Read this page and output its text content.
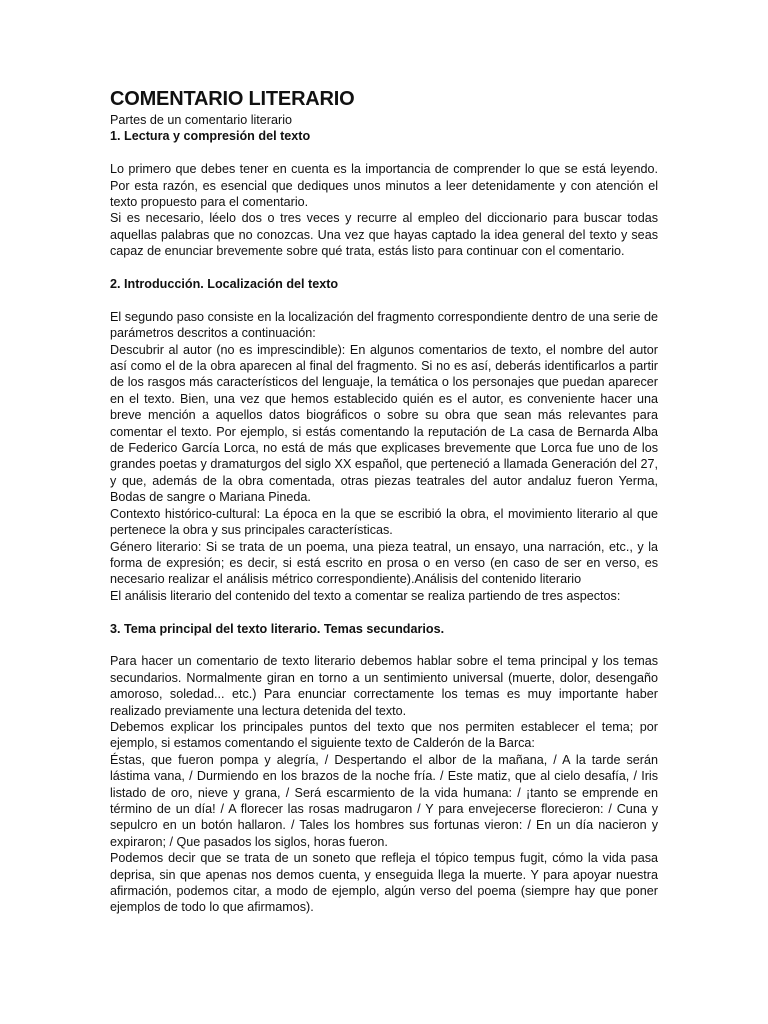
COMENTARIO LITERARIO

Partes de un comentario literario

1. Lectura y compresión del texto

Lo primero que debes tener en cuenta es la importancia de comprender lo que se está leyendo. Por esta razón, es esencial que dediques unos minutos a leer detenidamente y con atención el texto propuesto para el comentario.

Si es necesario, léelo dos o tres veces y recurre al empleo del diccionario para buscar todas aquellas palabras que no conozcas. Una vez que hayas captado la idea general del texto y seas capaz de enunciar brevemente sobre qué trata, estás listo para continuar con el comentario.

2. Introducción. Localización del texto

El segundo paso consiste en la localización del fragmento correspondiente dentro de una serie de parámetros descritos a continuación:

Descubrir al autor (no es imprescindible): En algunos comentarios de texto, el nombre del autor así como el de la obra aparecen al final del fragmento. Si no es así, deberás identificarlos a partir de los rasgos más característicos del lenguaje, la temática o los personajes que puedan aparecer en el texto. Bien, una vez que hemos establecido quién es el autor, es conveniente hacer una breve mención a aquellos datos biográficos o sobre su obra que sean más relevantes para comentar el texto. Por ejemplo, si estás comentando la reputación de La casa de Bernarda Alba de Federico García Lorca, no está de más que explicases brevemente que Lorca fue uno de los grandes poetas y dramaturgos del siglo XX español, que perteneció a llamada Generación del 27, y que, además de la obra comentada, otras piezas teatrales del autor andaluz fueron Yerma, Bodas de sangre o Mariana Pineda.

Contexto histórico-cultural: La época en la que se escribió la obra, el movimiento literario al que pertenece la obra y sus principales características.

Género literario: Si se trata de un poema, una pieza teatral, un ensayo, una narración, etc., y la forma de expresión; es decir, si está escrito en prosa o en verso (en caso de ser en verso, es necesario realizar el análisis métrico correspondiente).Análisis del contenido literario

El análisis literario del contenido del texto a comentar se realiza partiendo de tres aspectos:

3. Tema principal del texto literario. Temas secundarios.

Para hacer un comentario de texto literario debemos hablar sobre el tema principal y los temas secundarios. Normalmente giran en torno a un sentimiento universal (muerte, dolor, desengaño amoroso, soledad... etc.) Para enunciar correctamente los temas es muy importante haber realizado previamente una lectura detenida del texto.

Debemos explicar los principales puntos del texto que nos permiten establecer el tema; por ejemplo, si estamos comentando el siguiente texto de Calderón de la Barca:

Éstas, que fueron pompa y alegría, / Despertando el albor de la mañana, / A la tarde serán lástima vana, / Durmiendo en los brazos de la noche fría. / Este matiz, que al cielo desafía, / Iris listado de oro, nieve y grana, / Será escarmiento de la vida humana: / ¡tanto se emprende en término de un día! / A florecer las rosas madrugaron / Y para envejecerse florecieron: / Cuna y sepulcro en un botón hallaron. / Tales los hombres sus fortunas vieron: / En un día nacieron y expiraron; / Que pasados los siglos, horas fueron.

Podemos decir que se trata de un soneto que refleja el tópico tempus fugit, cómo la vida pasa deprisa, sin que apenas nos demos cuenta, y enseguida llega la muerte. Y para apoyar nuestra afirmación, podemos citar, a modo de ejemplo, algún verso del poema (siempre hay que poner ejemplos de todo lo que afirmamos).
